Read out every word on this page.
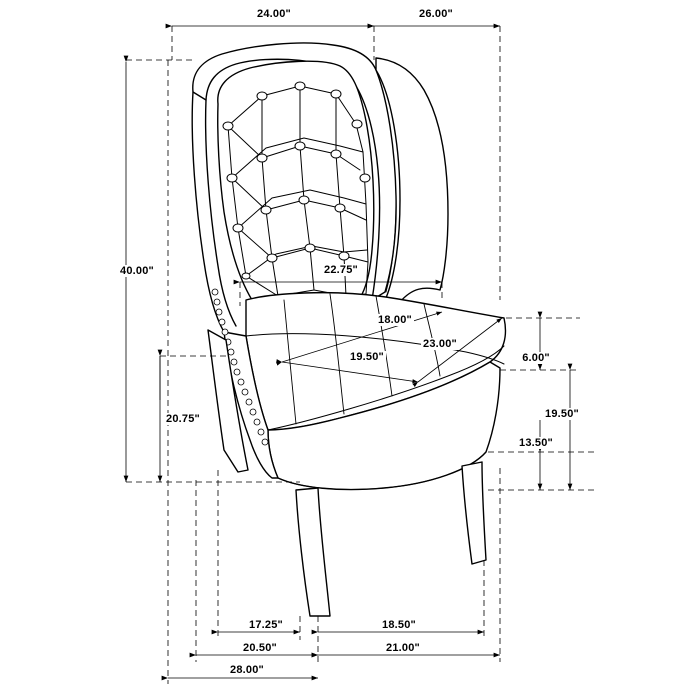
24.00"	26.00"
40.00"	22.75"
18.00"
23.00"
19.50"	6.00"
19.50"
13.50"
20.75"
17.25"	18.50"
20.50"	21.00"
28.00"
